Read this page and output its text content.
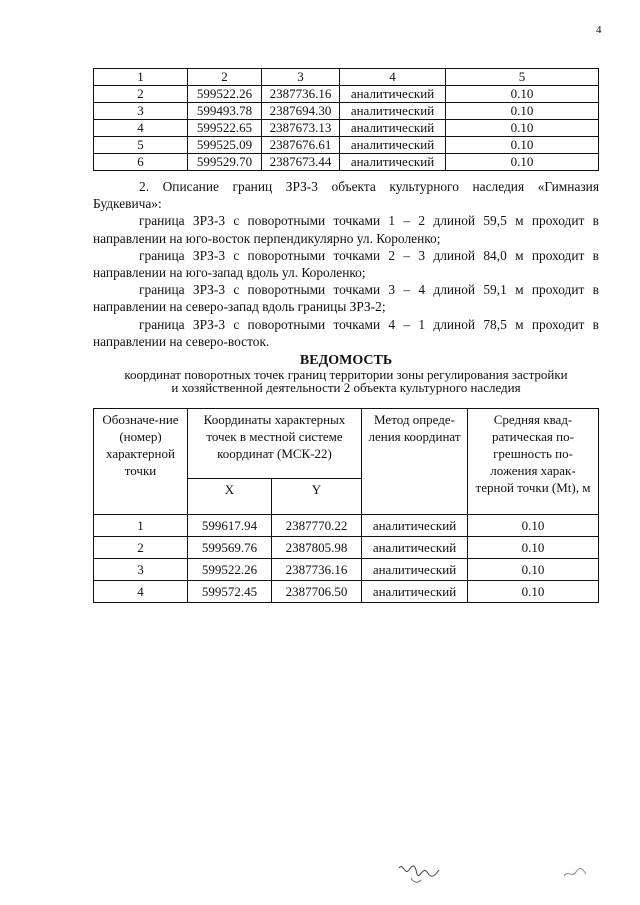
4
1	2	3	4	5
2	599522.26	2387736.16	аналитический	0.10
3	599493.78	2387694.30	аналитический	0.10
4	599522.65	2387673.13	аналитический	0.10
5	599525.09	2387676.61	аналитический	0.10
6	599529.70	2387673.44	аналитический	0.10

2. Описание границ ЗРЗ-3 объекта культурного наследия «Гимназия Будкевича»:

граница ЗРЗ-3 с поворотными точками 1 – 2 длиной 59,5 м проходит в направлении на юго-восток перпендикулярно ул. Короленко;

граница ЗРЗ-3 с поворотными точками 2 – 3 длиной 84,0 м проходит в направлении на юго-запад вдоль ул. Короленко;

граница ЗРЗ-3 с поворотными точками 3 – 4 длиной 59,1 м проходит в направлении на северо-запад вдоль границы ЗРЗ-2;

граница ЗРЗ-3 с поворотными точками 4 – 1 длиной 78,5 м проходит в направлении на северо-восток.

ВЕДОМОСТЬ
координат поворотных точек границ территории зоны регулирования застройки
и хозяйственной деятельности 2 объекта культурного наследия
Обозначе-ние (номер) характерной точки	Координаты характерных точек в местной системе координат (МСК-22)		Метод опреде-ления координат	Средняя квад-ратическая по-грешность по-ложения харак-терной точки (Mt), м
	X	Y		
1	599617.94	2387770.22	аналитический	0.10
2	599569.76	2387805.98	аналитический	0.10
3	599522.26	2387736.16	аналитический	0.10
4	599572.45	2387706.50	аналитический	0.10
